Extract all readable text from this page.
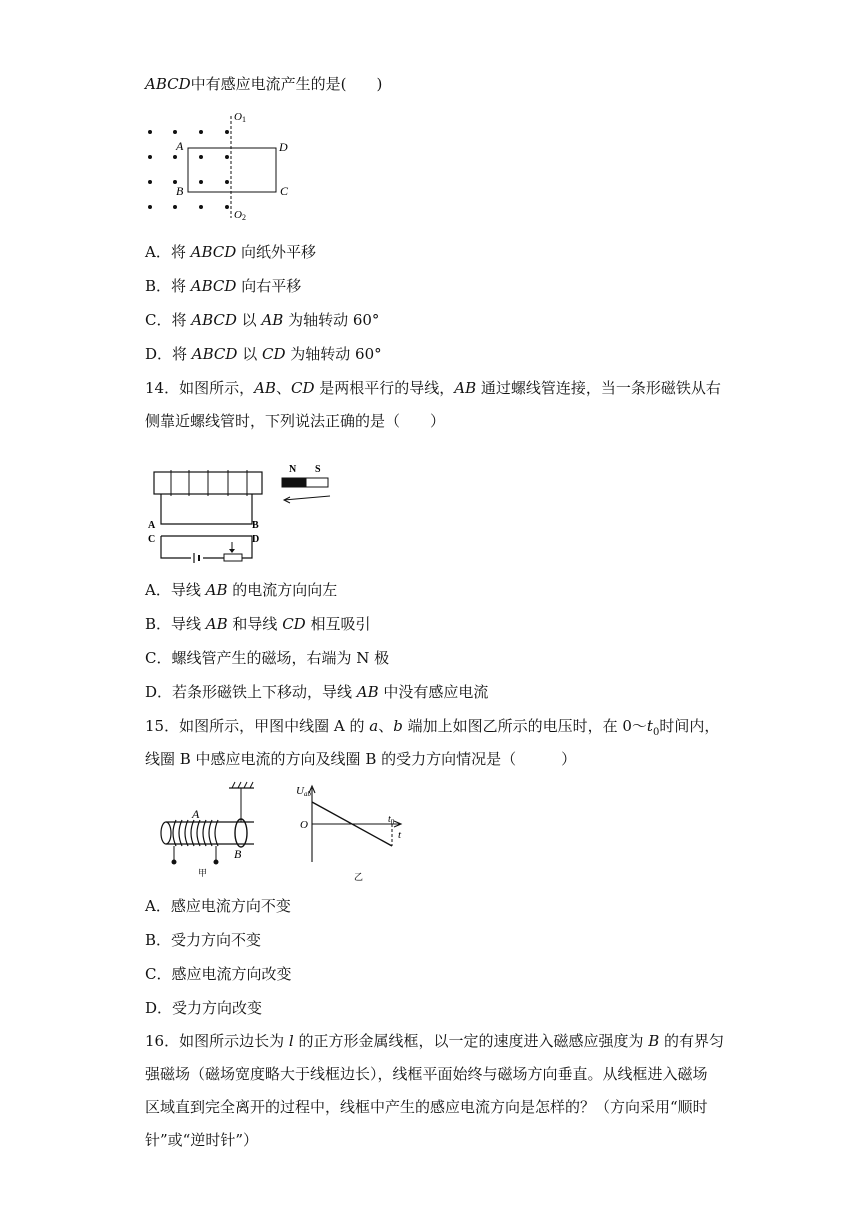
ABCD中有感应电流产生的是(　　)
O1
O2
A
B	C
D
A．将 ABCD 向纸外平移
B．将 ABCD 向右平移
C．将 ABCD 以 AB 为轴转动 60°
D．将 ABCD 以 CD 为轴转动 60°
14．如图所示，AB、CD 是两根平行的导线，AB 通过螺线管连接，当一条形磁铁从右
侧靠近螺线管时，下列说法正确的是（　　）
A	B
C	D
N S
A．导线 AB 的电流方向向左
B．导线 AB 和导线 CD 相互吸引
C．螺线管产生的磁场，右端为 N 极
D．若条形磁铁上下移动，导线 AB 中没有感应电流
15．如图所示，甲图中线圈 A 的 a、b 端加上如图乙所示的电压时，在 $0\sim t_0$时间内，
线圈 B 中感应电流的方向及线圈 B 的受力方向情况是（　　　）
A
B
甲
Uab
O
t
$t_0$
乙
A．感应电流方向不变
B．受力方向不变
C．感应电流方向改变
D．受力方向改变
16．如图所示边长为 l 的正方形金属线框，以一定的速度进入磁感应强度为 B 的有界匀
强磁场（磁场宽度略大于线框边长），线框平面始终与磁场方向垂直。从线框进入磁场
区域直到完全离开的过程中，线框中产生的感应电流方向是怎样的？（方向采用“顺时
针”或“逆时针”）
